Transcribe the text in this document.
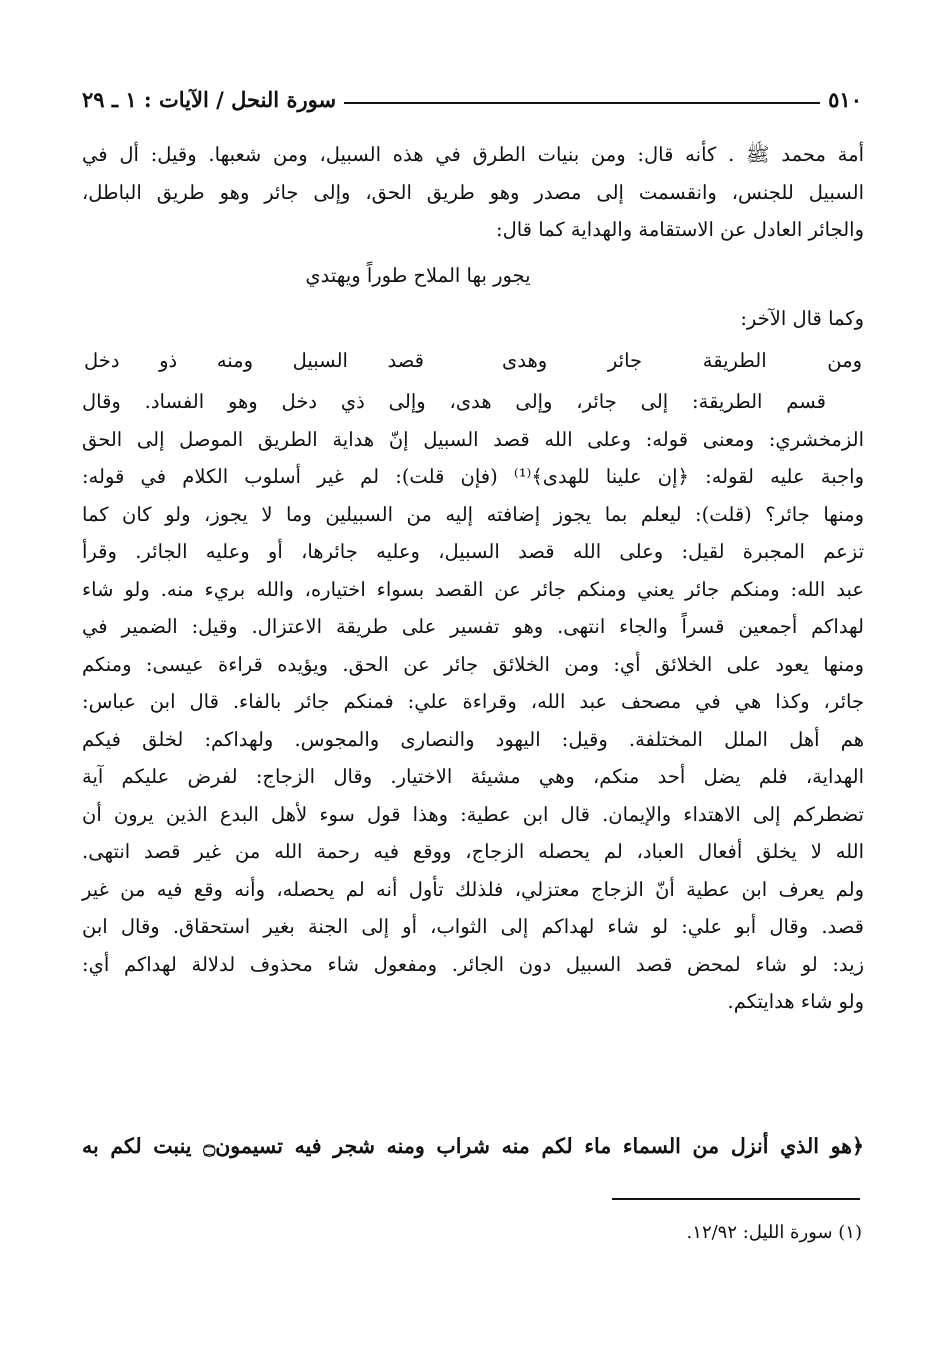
٥١٠
سورة النحل / الآيات : ١ ـ ٢٩
أمة محمد ﷺ . كأنه قال: ومن بنيات الطرق في هذه السبيل، ومن شعبها. وقيل: أل في
السبيل للجنس، وانقسمت إلى مصدر وهو طريق الحق، وإلى جائر وهو طريق الباطل،
والجائر العادل عن الاستقامة والهداية كما قال:
يجور بها الملاح طوراً ويهتدي
وكما قال الآخر:
ومن الطريقة جائر وهدى
قصد السبيل ومنه ذو دخل
قسم الطريقة: إلى جائر، وإلى هدى، وإلى ذي دخل وهو الفساد. وقال
الزمخشري: ومعنى قوله: وعلى الله قصد السبيل إنّ هداية الطريق الموصل إلى الحق
واجبة عليه لقوله: ﴿إن علينا للهدى﴾⁽¹⁾ (فإن قلت): لم غير أسلوب الكلام في قوله:
ومنها جائر؟ (قلت): ليعلم بما يجوز إضافته إليه من السبيلين وما لا يجوز، ولو كان كما
تزعم المجبرة لقيل: وعلى الله قصد السبيل، وعليه جائرها، أو وعليه الجائر. وقرأ
عبد الله: ومنكم جائر يعني ومنكم جائر عن القصد بسواء اختياره، والله بريء منه. ولو شاء
لهداكم أجمعين قسراً والجاء انتهى. وهو تفسير على طريقة الاعتزال. وقيل: الضمير في
ومنها يعود على الخلائق أي: ومن الخلائق جائر عن الحق. ويؤيده قراءة عيسى: ومنكم
جائر، وكذا هي في مصحف عبد الله، وقراءة علي: فمنكم جائر بالفاء. قال ابن عباس:
هم أهل الملل المختلفة. وقيل: اليهود والنصارى والمجوس. ولهداكم: لخلق فيكم
الهداية، فلم يضل أحد منكم، وهي مشيئة الاختيار. وقال الزجاج: لفرض عليكم آية
تضطركم إلى الاهتداء والإيمان. قال ابن عطية: وهذا قول سوء لأهل البدع الذين يرون أن
الله لا يخلق أفعال العباد، لم يحصله الزجاج، ووقع فيه رحمة الله من غير قصد انتهى.
ولم يعرف ابن عطية أنّ الزجاج معتزلي، فلذلك تأول أنه لم يحصله، وأنه وقع فيه من غير
قصد. وقال أبو علي: لو شاء لهداكم إلى الثواب، أو إلى الجنة بغير استحقاق. وقال ابن
زيد: لو شاء لمحض قصد السبيل دون الجائر. ومفعول شاء محذوف لدلالة لهداكم أي:
ولو شاء هدايتكم.
﴿هو الذي أنزل من السماء ماء لكم منه شراب ومنه شجر فيه تسيمون۝ ينبت لكم به
(١) سورة الليل: ١٢/٩٢.
